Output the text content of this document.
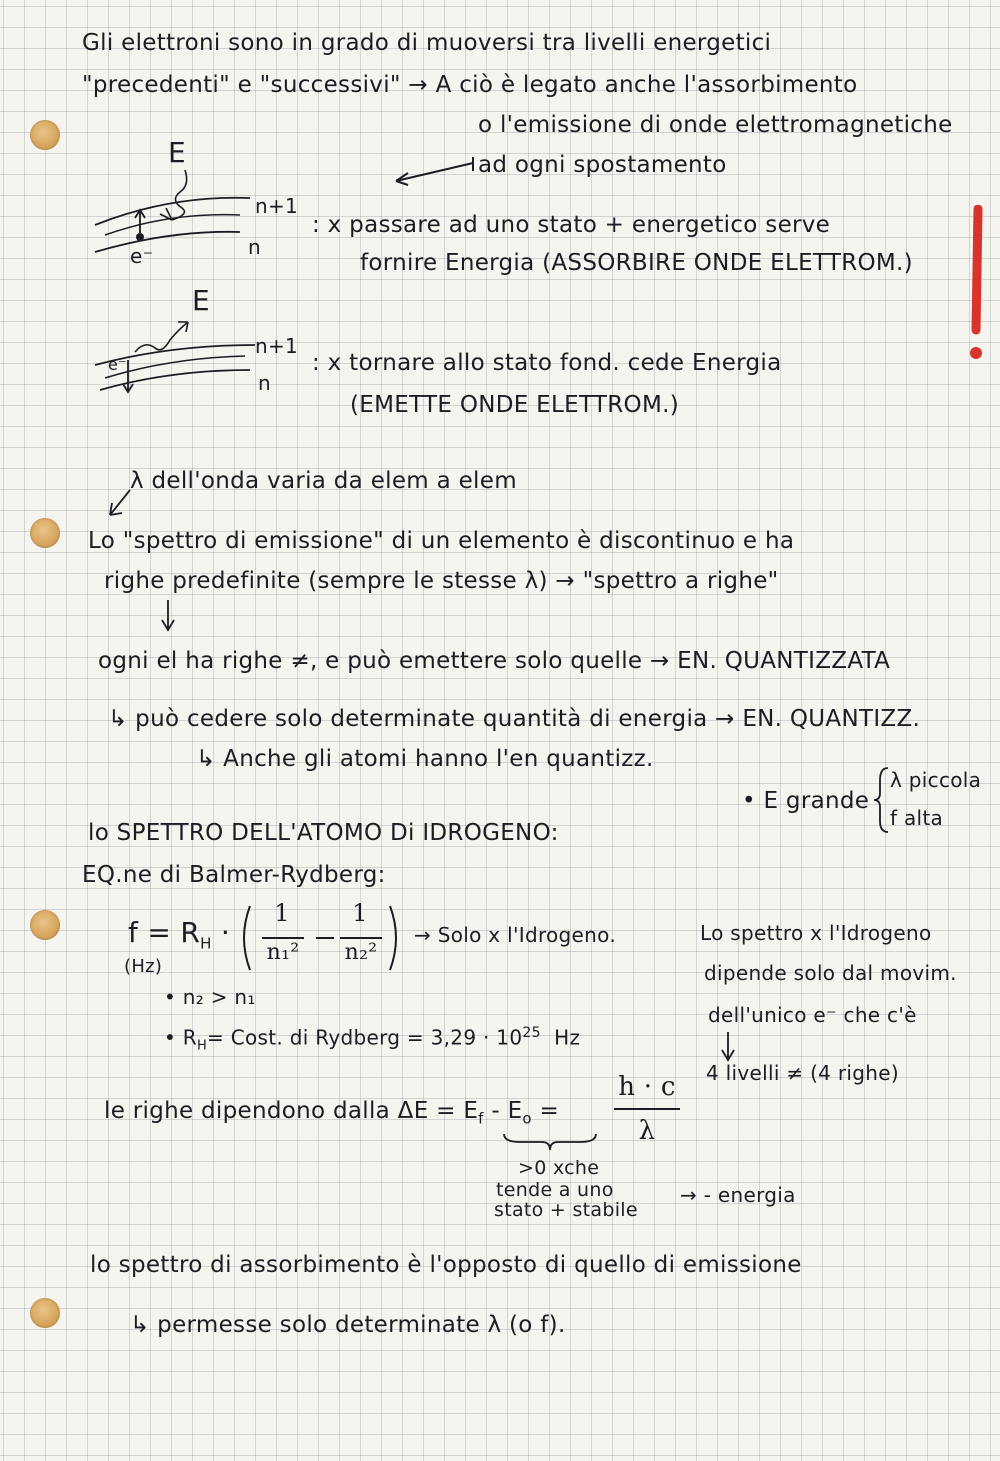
Gli elettroni sono in grado di muoversi tra livelli energetici
"precedenti" e "successivi" → A ciò è legato anche l'assorbimento
o l'emissione di onde elettromagnetiche
ad ogni spostamento
E
n+1
n
e⁻
: x passare ad uno stato + energetico serve
fornire Energia (ASSORBIRE ONDE ELETTROM.)
E
n+1
n
e⁻	: x tornare allo stato fond. cede Energia
(EMETTE ONDE ELETTROM.)
λ dell'onda varia da elem a elem
Lo "spettro di emissione" di un elemento è discontinuo e ha
righe predefinite (sempre le stesse λ) → "spettro a righe"
ogni el ha righe ≠, e può emettere solo quelle → EN. QUANTIZZATA
↳ può cedere solo determinate quantità di energia → EN. QUANTIZZ.
↳ Anche gli atomi hanno l'en quantizz.
• E grande
λ piccola
f alta
lo SPETTRO DELL'ATOMO Di IDROGENO:
EQ.ne di Balmer-Rydberg:
$f = R_H$ ·
(Hz)
1
n₁²
1
n₂²
→ Solo x l'Idrogeno.
• n₂ > n₁
• $R_H=$ Cost. di Rydberg = $3,29 \cdot 10^{25}$ Hz
Lo spettro x l'Idrogeno
dipende solo dal movim.
dell'unico e⁻ che c'è
4 livelli ≠ (4 righe)
le righe dipendono dalla $\Delta E = E_f - E_o$ =
h · c
λ
>0 xche
tende a uno
stato + stabile
→ - energia
lo spettro di assorbimento è l'opposto di quello di emissione
↳ permesse solo determinate λ (o f).
